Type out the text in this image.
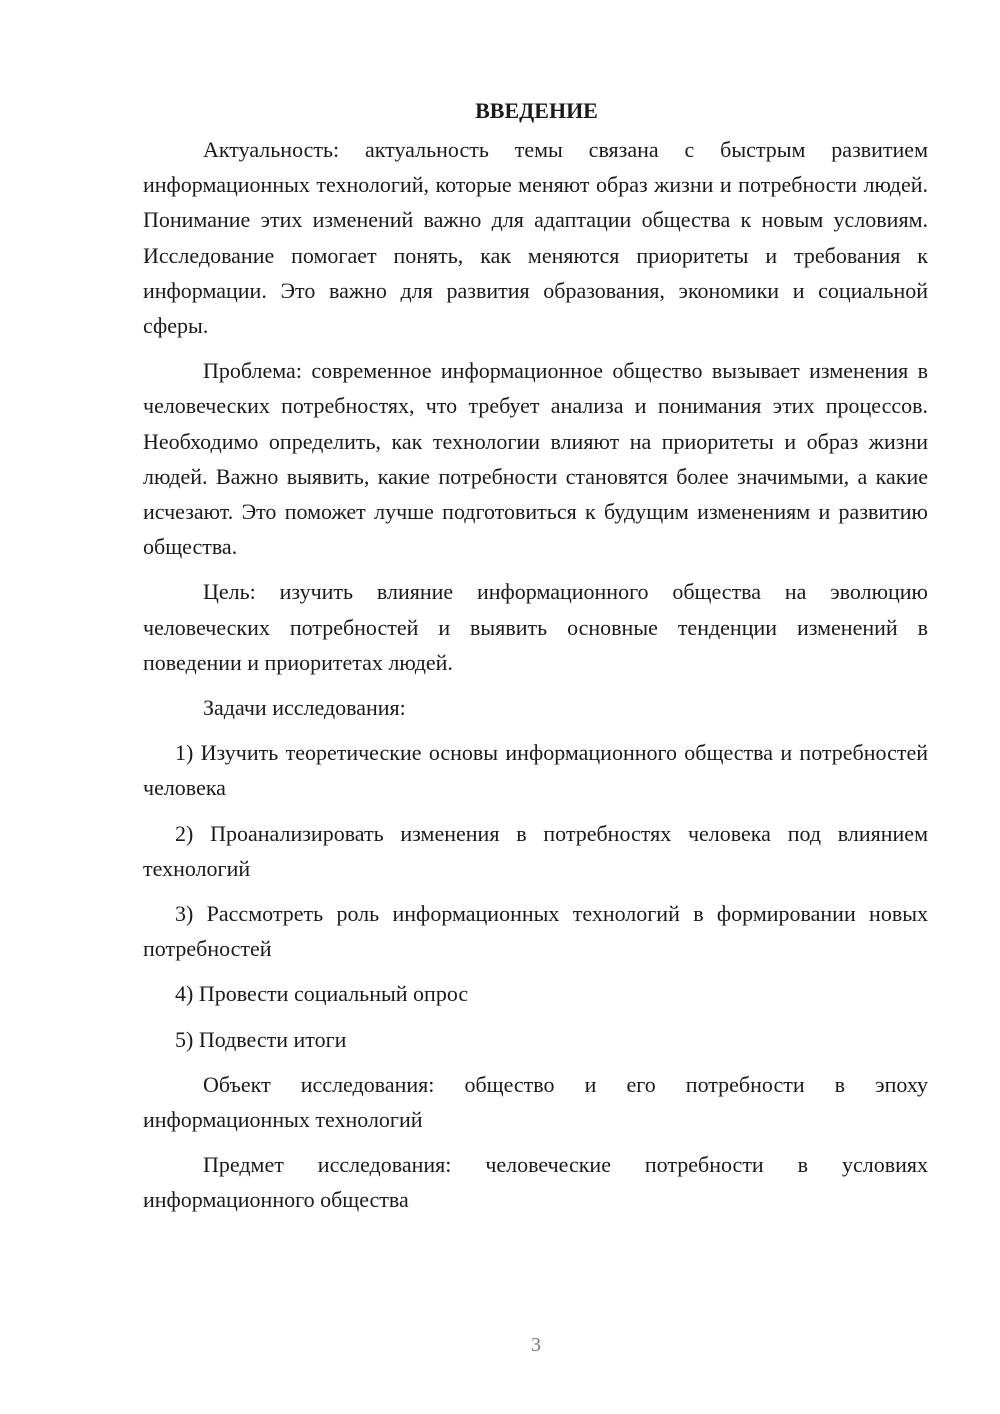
ВВЕДЕНИЕ

Актуальность: актуальность темы связана с быстрым развитием информационных технологий, которые меняют образ жизни и потребности людей. Понимание этих изменений важно для адаптации общества к новым условиям. Исследование помогает понять, как меняются приоритеты и требования к информации. Это важно для развития образования, экономики и социальной сферы.

Проблема: современное информационное общество вызывает изменения в человеческих потребностях, что требует анализа и понимания этих процессов. Необходимо определить, как технологии влияют на приоритеты и образ жизни людей. Важно выявить, какие потребности становятся более значимыми, а какие исчезают. Это поможет лучше подготовиться к будущим изменениям и развитию общества.

Цель: изучить влияние информационного общества на эволюцию человеческих потребностей и выявить основные тенденции изменений в поведении и приоритетах людей.

Задачи исследования:

1) Изучить теоретические основы информационного общества и потребностей человека

2) Проанализировать изменения в потребностях человека под влиянием технологий

3) Рассмотреть роль информационных технологий в формировании новых потребностей

4) Провести социальный опрос

5) Подвести итоги

Объект исследования: общество и его потребности в эпоху информационных технологий

Предмет исследования: человеческие потребности в условиях информационного общества

3
